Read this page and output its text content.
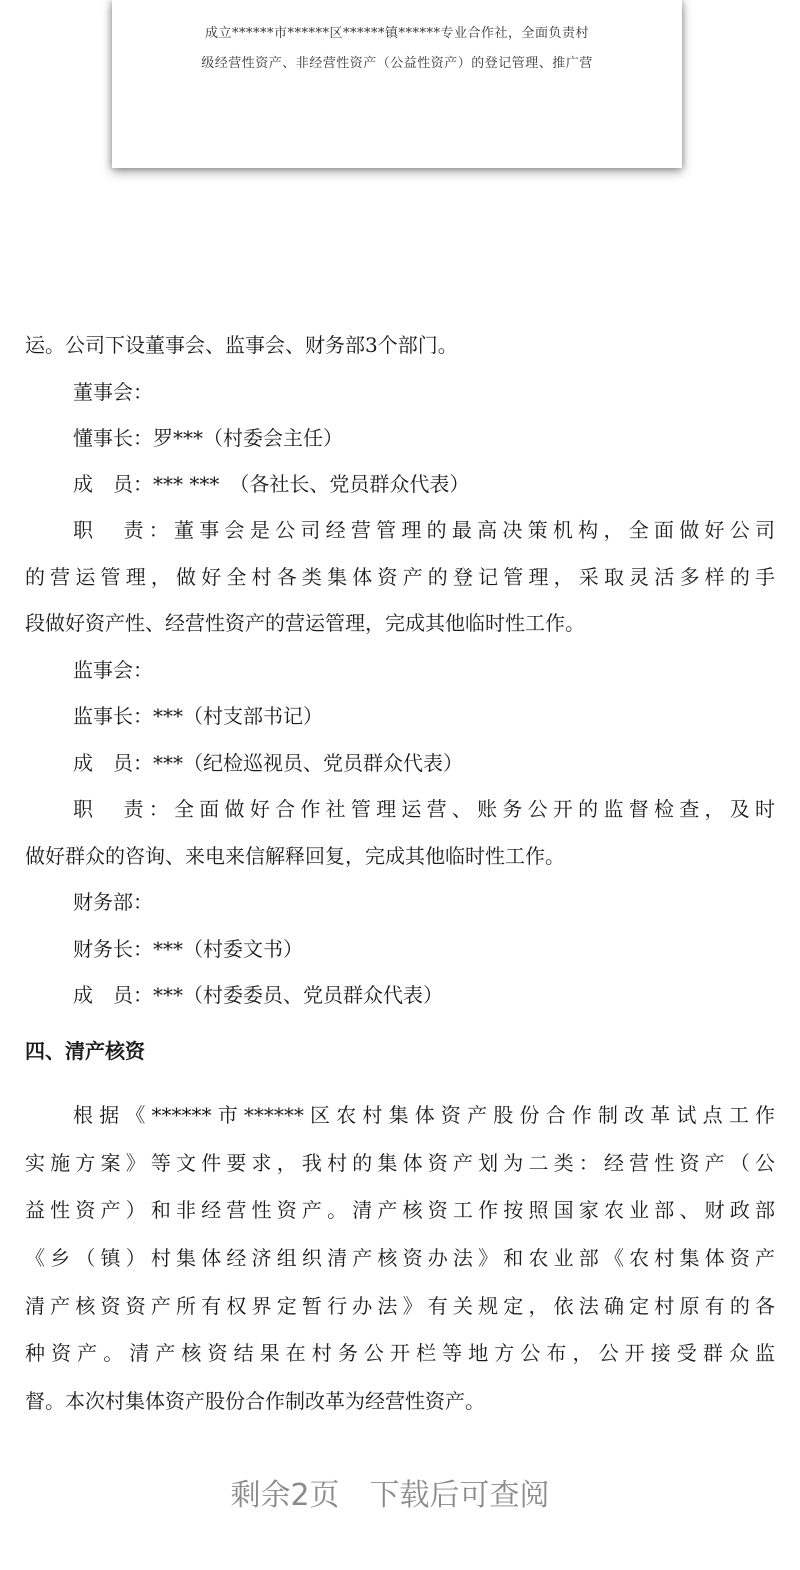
成立******市******区******镇******专业合作社，全面负责村

级经营性资产、非经营性资产（公益性资产）的登记管理、推广营

运。公司下设董事会、监事会、财务部3个部门。

董事会：

懂事长：罗***（村委会主任）

成　员：*** ***　（各社长、党员群众代表）

职　责：董事会是公司经营管理的最高决策机构，全面做好公司

的营运管理，做好全村各类集体资产的登记管理，采取灵活多样的手

段做好资产性、经营性资产的营运管理，完成其他临时性工作。

监事会：

监事长：***（村支部书记）

成　员：***（纪检巡视员、党员群众代表）

职　责：全面做好合作社管理运营、账务公开的监督检查，及时

做好群众的咨询、来电来信解释回复，完成其他临时性工作。

财务部：

财务长：***（村委文书）

成　员：***（村委委员、党员群众代表）

四、清产核资

根据《******市******区农村集体资产股份合作制改革试点工作

实施方案》等文件要求，我村的集体资产划为二类：经营性资产（公

益性资产）和非经营性资产。清产核资工作按照国家农业部、财政部

《乡（镇）村集体经济组织清产核资办法》和农业部《农村集体资产

清产核资资产所有权界定暂行办法》有关规定，依法确定村原有的各

种资产。清产核资结果在村务公开栏等地方公布，公开接受群众监

督。本次村集体资产股份合作制改革为经营性资产。

剩余2页　下载后可查阅
